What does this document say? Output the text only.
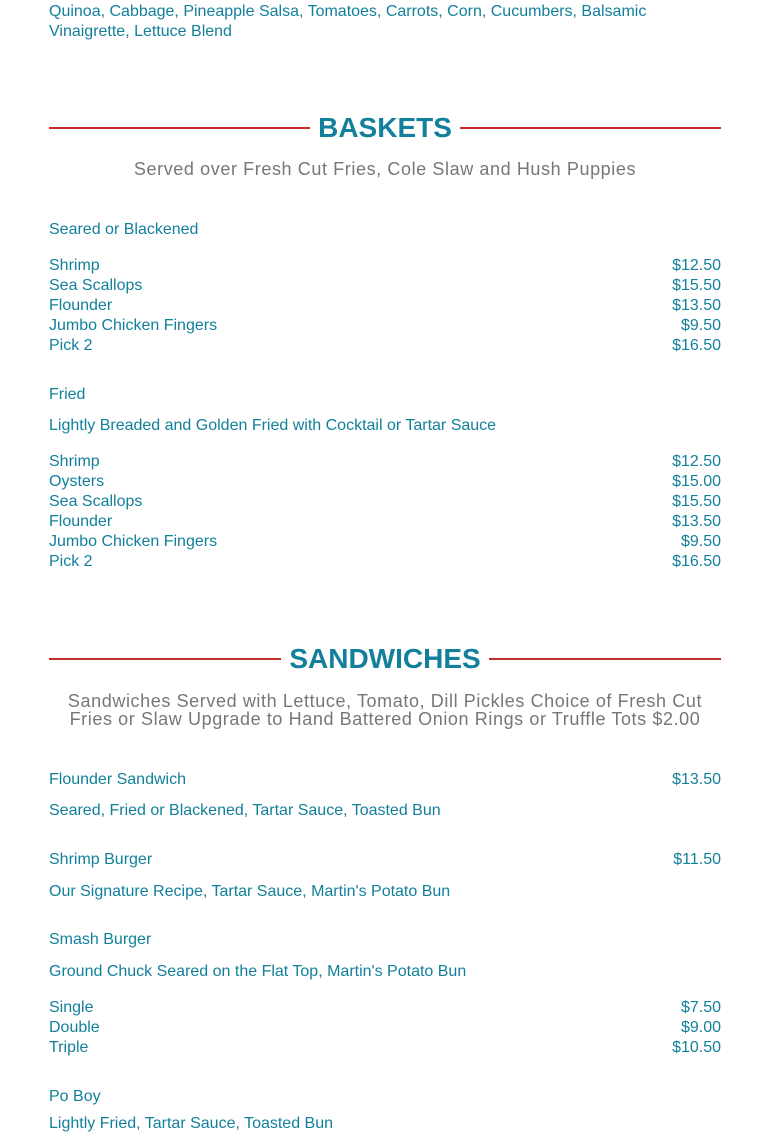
Quinoa, Cabbage, Pineapple Salsa, Tomatoes, Carrots, Corn, Cucumbers, Balsamic Vinaigrette, Lettuce Blend
BASKETS
Served over Fresh Cut Fries, Cole Slaw and Hush Puppies
Seared or Blackened
Shrimp	$12.50
Sea Scallops	$15.50
Flounder	$13.50
Jumbo Chicken Fingers	$9.50
Pick 2	$16.50
Fried
Lightly Breaded and Golden Fried with Cocktail or Tartar Sauce
Shrimp	$12.50
Oysters	$15.00
Sea Scallops	$15.50
Flounder	$13.50
Jumbo Chicken Fingers	$9.50
Pick 2	$16.50
SANDWICHES
Sandwiches Served with Lettuce, Tomato, Dill Pickles Choice of Fresh Cut
Fries or Slaw Upgrade to Hand Battered Onion Rings or Truffle Tots $2.00
Flounder Sandwich	$13.50
Seared, Fried or Blackened, Tartar Sauce, Toasted Bun
Shrimp Burger	$11.50
Our Signature Recipe, Tartar Sauce, Martin's Potato Bun
Smash Burger
Ground Chuck Seared on the Flat Top, Martin's Potato Bun
Single	$7.50
Double	$9.00
Triple	$10.50
Po Boy
Lightly Fried, Tartar Sauce, Toasted Bun
